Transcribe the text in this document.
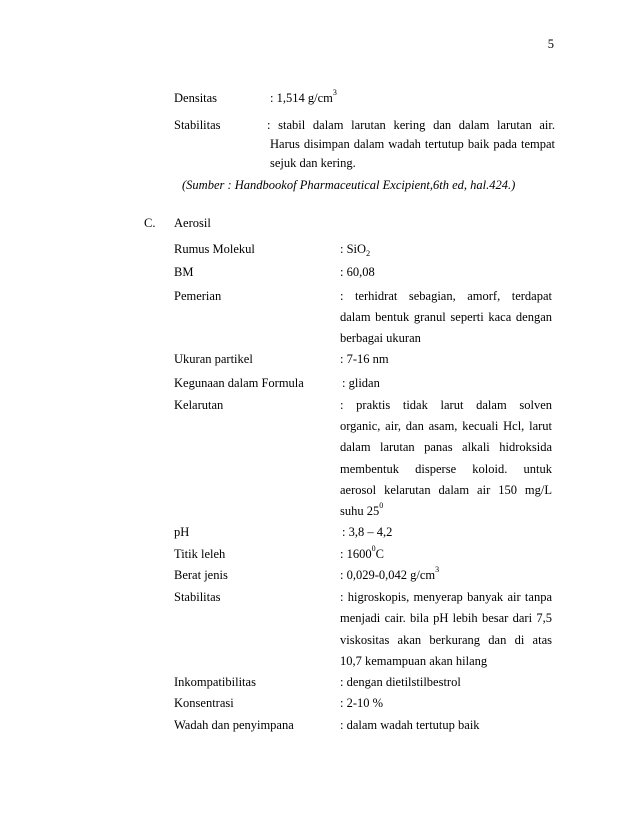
5
Densitas	: 1,514 $g/cm^3$
Stabilitas	: stabil dalam larutan kering dan dalam larutan air.
Harus disimpan dalam wadah tertutup baik pada tempat
sejuk dan kering.
(Sumber : Handbookof Pharmaceutical Excipient,6th ed, hal.424.)
C. Aerosil
Rumus Molekul	: SiO$_2$
BM	: 60,08
Pemerian	: terhidrat sebagian, amorf, terdapat
dalam bentuk granul seperti kaca dengan
berbagai ukuran
Ukuran partikel	: 7-16 nm
Kegunaan dalam Formula	: glidan
Kelarutan	: praktis tidak larut dalam solven
organic, air, dan asam, kecuali Hcl, larut
dalam larutan panas alkali hidroksida
membentuk disperse koloid. untuk
aerosol kelarutan dalam air 150 mg/L
suhu $25^0$
pH	: 3,8 – 4,2
Titik leleh	: 1600$^0$C
Berat jenis	: 0,029-0,042 $g/cm^3$
Stabilitas	: higroskopis, menyerap banyak air tanpa
menjadi cair. bila pH lebih besar dari 7,5
viskositas akan berkurang dan di atas
10,7 kemampuan akan hilang
Inkompatibilitas	: dengan dietilstilbestrol
Konsentrasi	: 2-10 %
Wadah dan penyimpana	: dalam wadah tertutup baik
